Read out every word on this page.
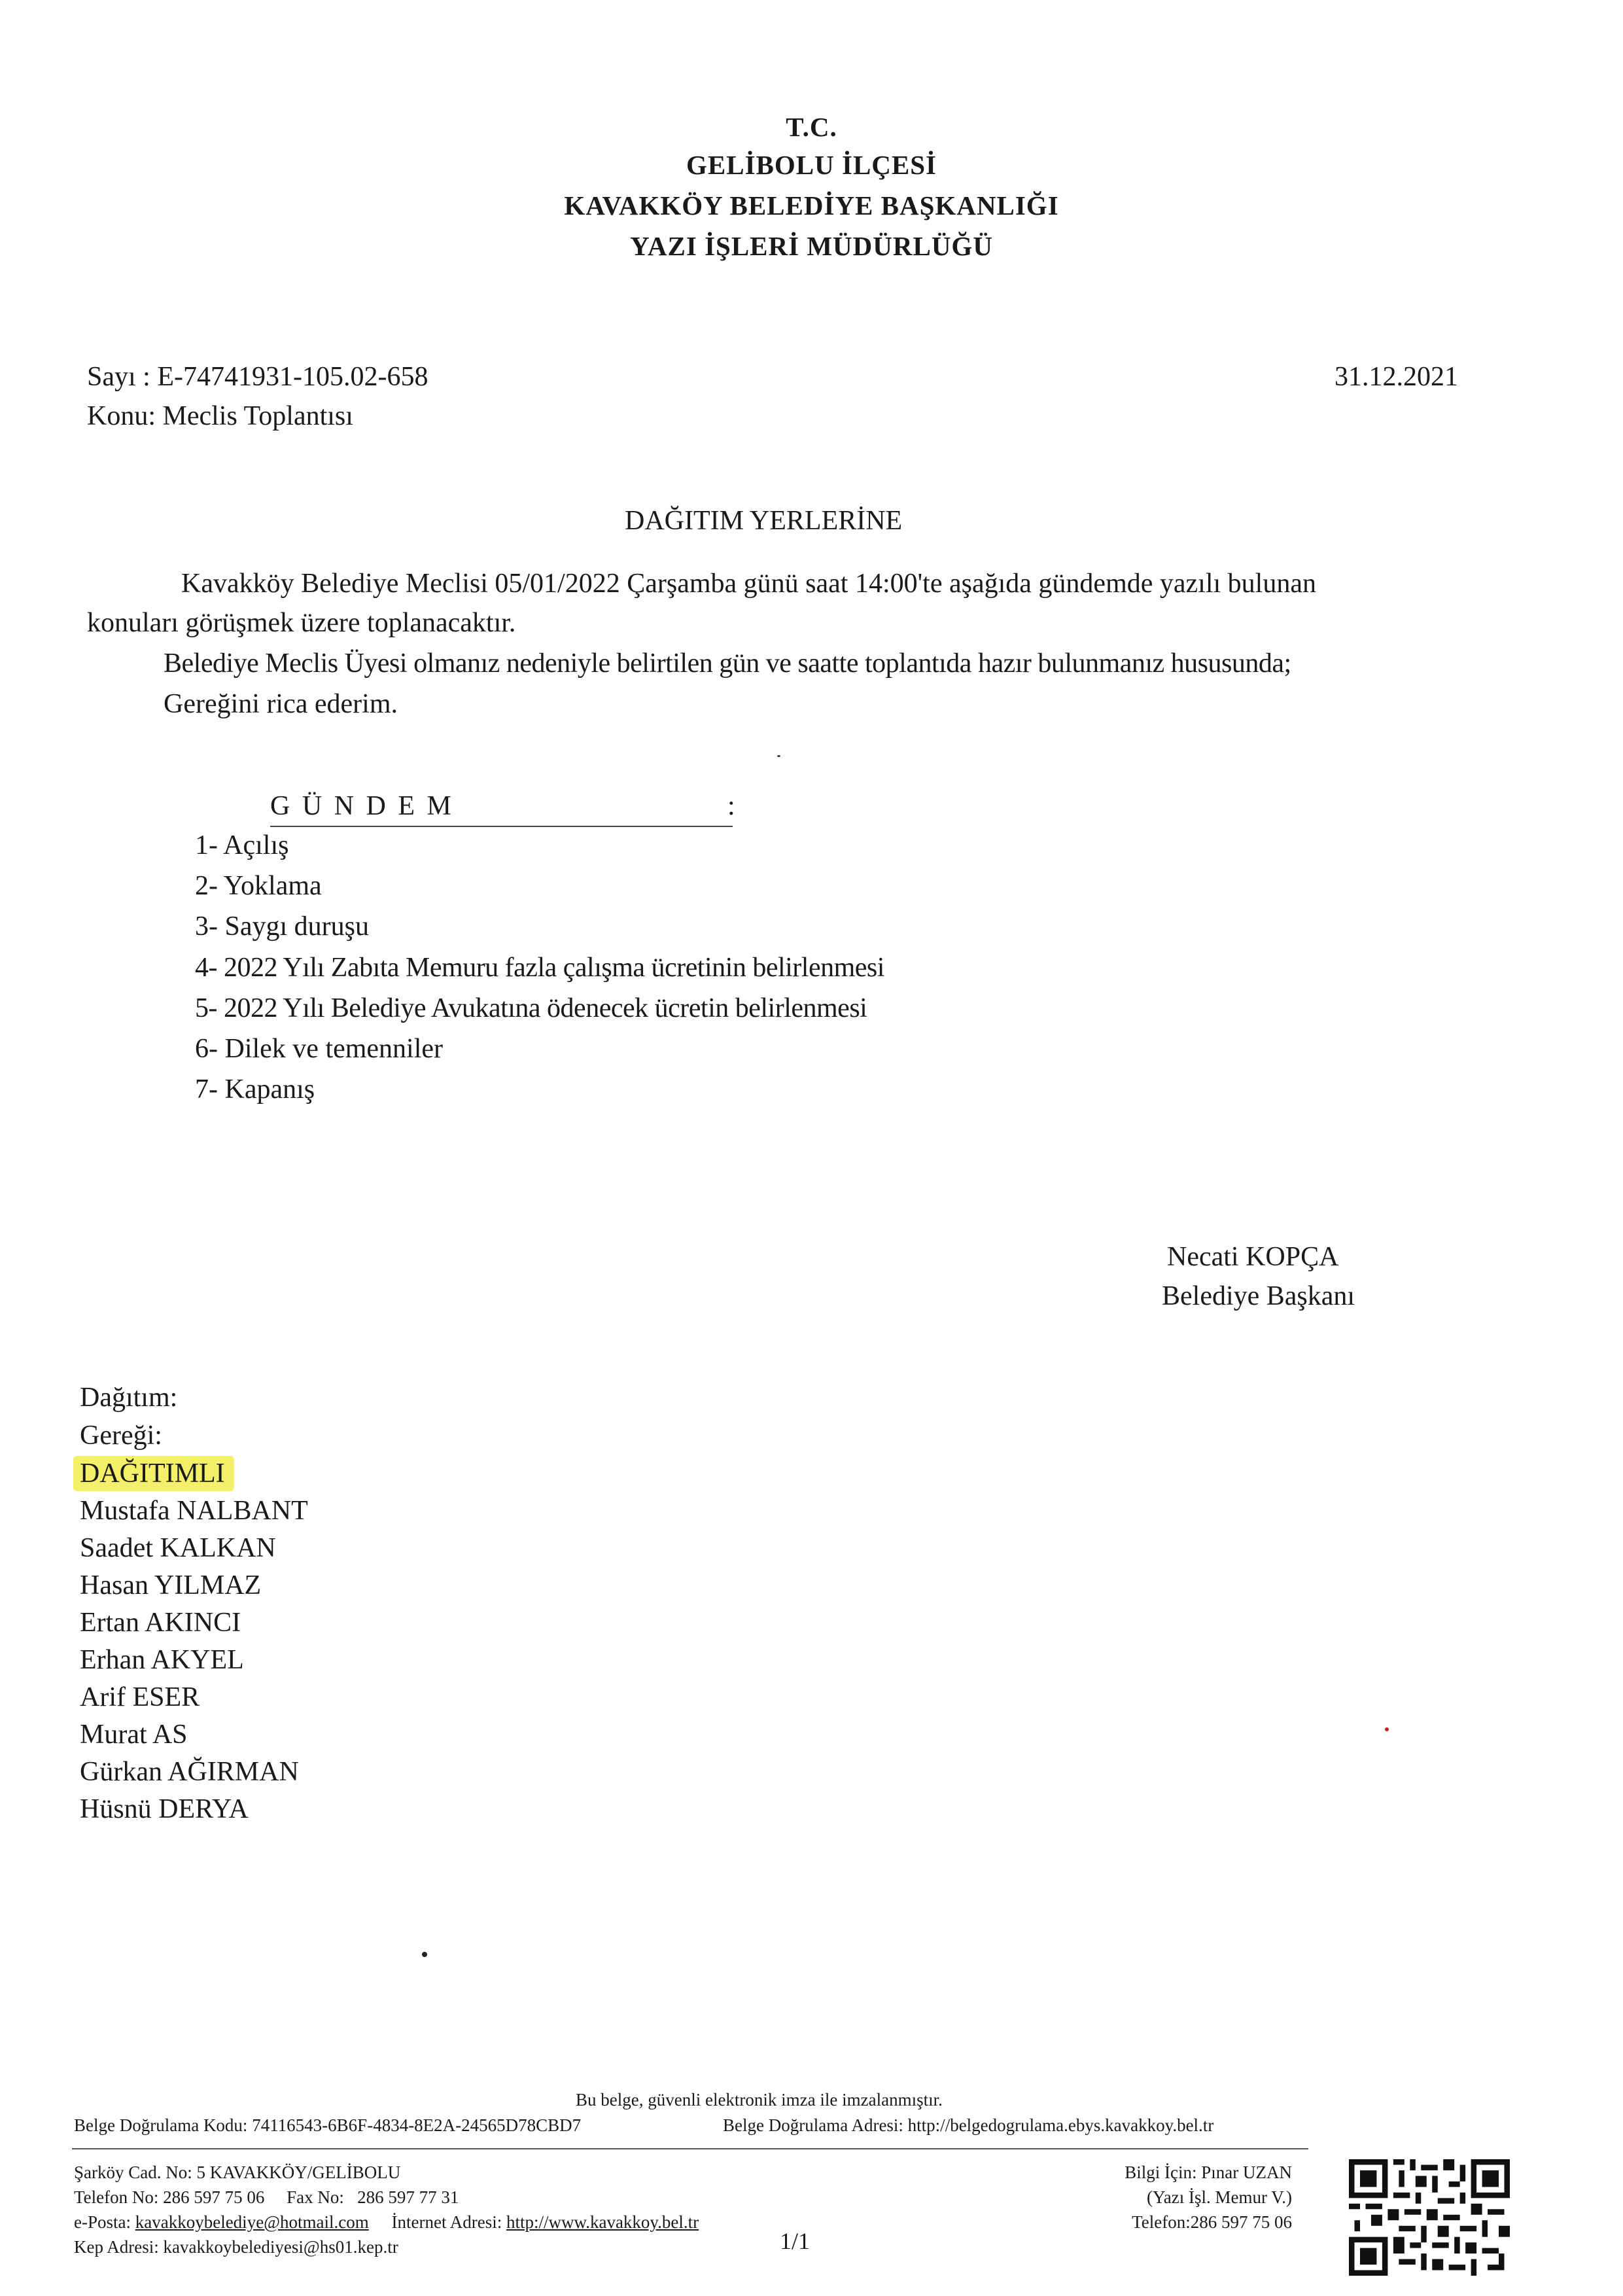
T.C.
GELİBOLU İLÇESİ
KAVAKKÖY BELEDİYE BAŞKANLIĞI
YAZI İŞLERİ MÜDÜRLÜĞÜ
Sayı : E-74741931-105.02-658
Konu: Meclis Toplantısı
31.12.2021
DAĞITIM YERLERİNE
Kavakköy Belediye Meclisi 05/01/2022 Çarşamba günü saat 14:00'te aşağıda gündemde yazılı bulunan
konuları görüşmek üzere toplanacaktır.
Belediye Meclis Üyesi olmanız nedeniyle belirtilen gün ve saatte toplantıda hazır bulunmanız hususunda;
Gereğini rica ederim.
G Ü N D E M	:
1- Açılış
2- Yoklama
3- Saygı duruşu
4- 2022 Yılı Zabıta Memuru fazla çalışma ücretinin belirlenmesi
5- 2022 Yılı Belediye Avukatına ödenecek ücretin belirlenmesi
6- Dilek ve temenniler
7- Kapanış
Necati KOPÇA
Belediye Başkanı
Dağıtım:
Gereği:
DAĞITIMLI
Mustafa NALBANT
Saadet KALKAN
Hasan YILMAZ
Ertan AKINCI
Erhan AKYEL
Arif ESER
Murat AS
Gürkan AĞIRMAN
Hüsnü DERYA
Bu belge, güvenli elektronik imza ile imzalanmıştır.
Belge Doğrulama Kodu: 74116543-6B6F-4834-8E2A-24565D78CBD7	Belge Doğrulama Adresi: http://belgedogrulama.ebys.kavakkoy.bel.tr
Şarköy Cad. No: 5 KAVAKKÖY/GELİBOLU
Telefon No: 286 597 75 06     Fax No:   286 597 77 31
e-Posta: kavakkoybelediye@hotmail.com İnternet Adresi: http://www.kavakkoy.bel.tr
Kep Adresi: kavakkoybelediyesi@hs01.kep.tr	1/1
Bilgi İçin: Pınar UZAN
(Yazı İşl. Memur V.)
Telefon:286 597 75 06
